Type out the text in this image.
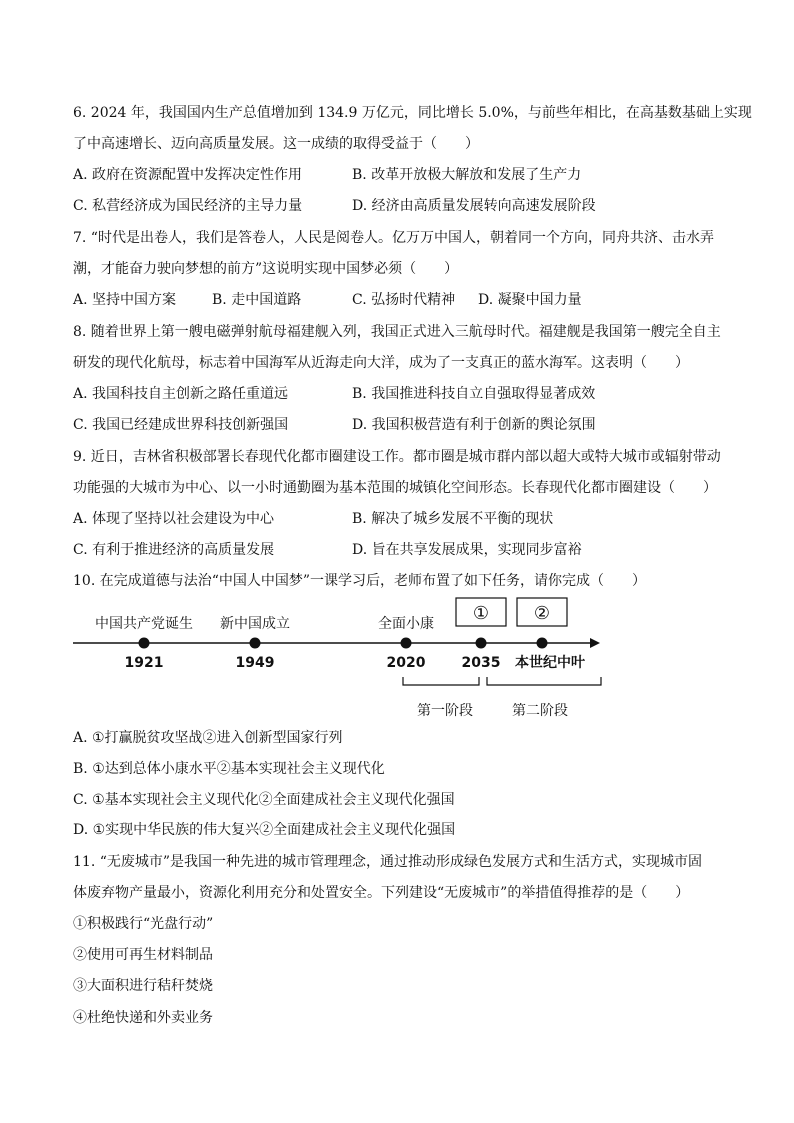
6. 2024 年，我国国内生产总值增加到 134.9 万亿元，同比增长 5.0%，与前些年相比，在高基数基础上实现
了中高速增长、迈向高质量发展。这一成绩的取得受益于（　　）
A. 政府在资源配置中发挥决定性作用	B. 改革开放极大解放和发展了生产力
C. 私营经济成为国民经济的主导力量	D. 经济由高质量发展转向高速发展阶段
7. “时代是出卷人，我们是答卷人，人民是阅卷人。亿万万中国人，朝着同一个方向，同舟共济、击水弄
潮，才能奋力驶向梦想的前方”这说明实现中国梦必须（　　）
A. 坚持中国方案	B. 走中国道路	C. 弘扬时代精神 D. 凝聚中国力量
8. 随着世界上第一艘电磁弹射航母福建舰入列，我国正式进入三航母时代。福建舰是我国第一艘完全自主
研发的现代化航母，标志着中国海军从近海走向大洋，成为了一支真正的蓝水海军。这表明（　　）
A. 我国科技自主创新之路任重道远	B. 我国推进科技自立自强取得显著成效
C. 我国已经建成世界科技创新强国	D. 我国积极营造有利于创新的舆论氛围
9. 近日，吉林省积极部署长春现代化都市圈建设工作。都市圈是城市群内部以超大或特大城市或辐射带动
功能强的大城市为中心、以一小时通勤圈为基本范围的城镇化空间形态。长春现代化都市圈建设（　　）
A. 体现了坚持以社会建设为中心	B. 解决了城乡发展不平衡的现状
C. 有利于推进经济的高质量发展	D. 旨在共享发展成果，实现同步富裕
10. 在完成道德与法治“中国人中国梦”一课学习后，老师布置了如下任务，请你完成（　　）
中国共产党诞生 新中国成立	全面小康 ① ②
1921	1949	2020	2035 本世纪中叶
第一阶段	第二阶段
A. ①打赢脱贫攻坚战②进入创新型国家行列
B. ①达到总体小康水平②基本实现社会主义现代化
C. ①基本实现社会主义现代化②全面建成社会主义现代化强国
D. ①实现中华民族的伟大复兴②全面建成社会主义现代化强国
11. “无废城市”是我国一种先进的城市管理理念，通过推动形成绿色发展方式和生活方式，实现城市固
体废弃物产量最小，资源化利用充分和处置安全。下列建设“无废城市”的举措值得推荐的是（　　）
①积极践行“光盘行动”
②使用可再生材料制品
③大面积进行秸秆焚烧
④杜绝快递和外卖业务
